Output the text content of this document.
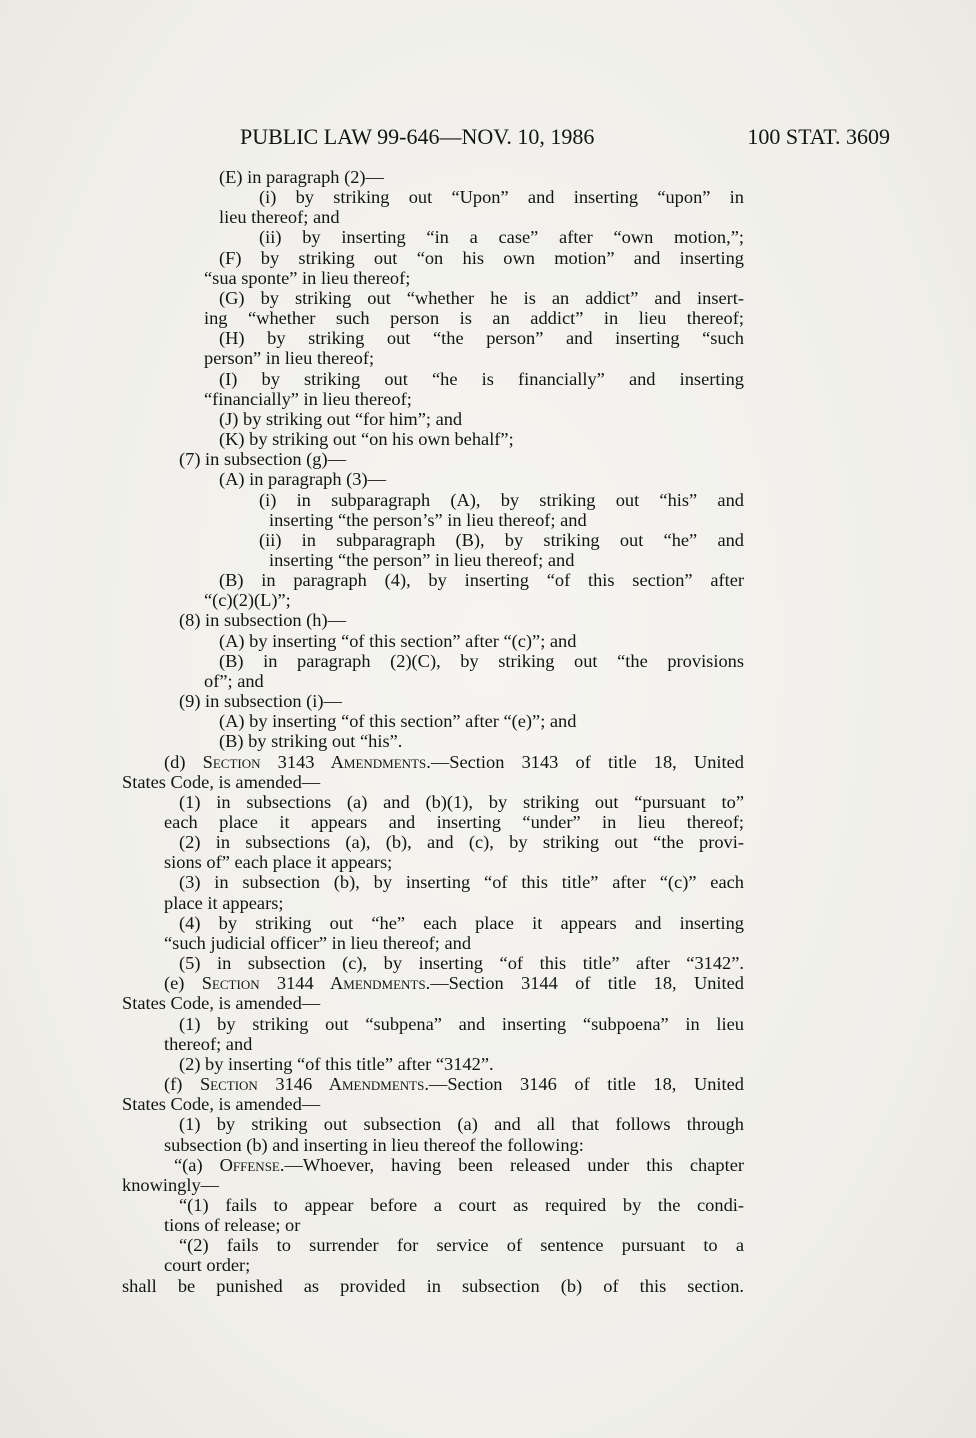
PUBLIC LAW 99-646—NOV. 10, 1986	100 STAT. 3609
(E) in paragraph (2)—
(i) by striking out “Upon” and inserting “upon” in
lieu thereof; and
(ii) by inserting “in a case” after “own motion,”;
(F) by striking out “on his own motion” and inserting
“sua sponte” in lieu thereof;
(G) by striking out “whether he is an addict” and insert-
ing “whether such person is an addict” in lieu thereof;
(H) by striking out “the person” and inserting “such
person” in lieu thereof;
(I) by striking out “he is financially” and inserting
“financially” in lieu thereof;
(J) by striking out “for him”; and
(K) by striking out “on his own behalf”;
(7) in subsection (g)—
(A) in paragraph (3)—
(i) in subparagraph (A), by striking out “his” and
inserting “the person’s” in lieu thereof; and
(ii) in subparagraph (B), by striking out “he” and
inserting “the person” in lieu thereof; and
(B) in paragraph (4), by inserting “of this section” after
“(c)(2)(L)”;
(8) in subsection (h)—
(A) by inserting “of this section” after “(c)”; and
(B) in paragraph (2)(C), by striking out “the provisions
of”; and
(9) in subsection (i)—
(A) by inserting “of this section” after “(e)”; and
(B) by striking out “his”.
(d) Section 3143 Amendments.—Section 3143 of title 18, United
States Code, is amended—
(1) in subsections (a) and (b)(1), by striking out “pursuant to”
each place it appears and inserting “under” in lieu thereof;
(2) in subsections (a), (b), and (c), by striking out “the provi-
sions of” each place it appears;
(3) in subsection (b), by inserting “of this title” after “(c)” each
place it appears;
(4) by striking out “he” each place it appears and inserting
“such judicial officer” in lieu thereof; and
(5) in subsection (c), by inserting “of this title” after “3142”.
(e) Section 3144 Amendments.—Section 3144 of title 18, United
States Code, is amended—
(1) by striking out “subpena” and inserting “subpoena” in lieu
thereof; and
(2) by inserting “of this title” after “3142”.
(f) Section 3146 Amendments.—Section 3146 of title 18, United
States Code, is amended—
(1) by striking out subsection (a) and all that follows through
subsection (b) and inserting in lieu thereof the following:
“(a) Offense.—Whoever, having been released under this chapter
knowingly—
“(1) fails to appear before a court as required by the condi-
tions of release; or
“(2) fails to surrender for service of sentence pursuant to a
court order;
shall be punished as provided in subsection (b) of this section.
